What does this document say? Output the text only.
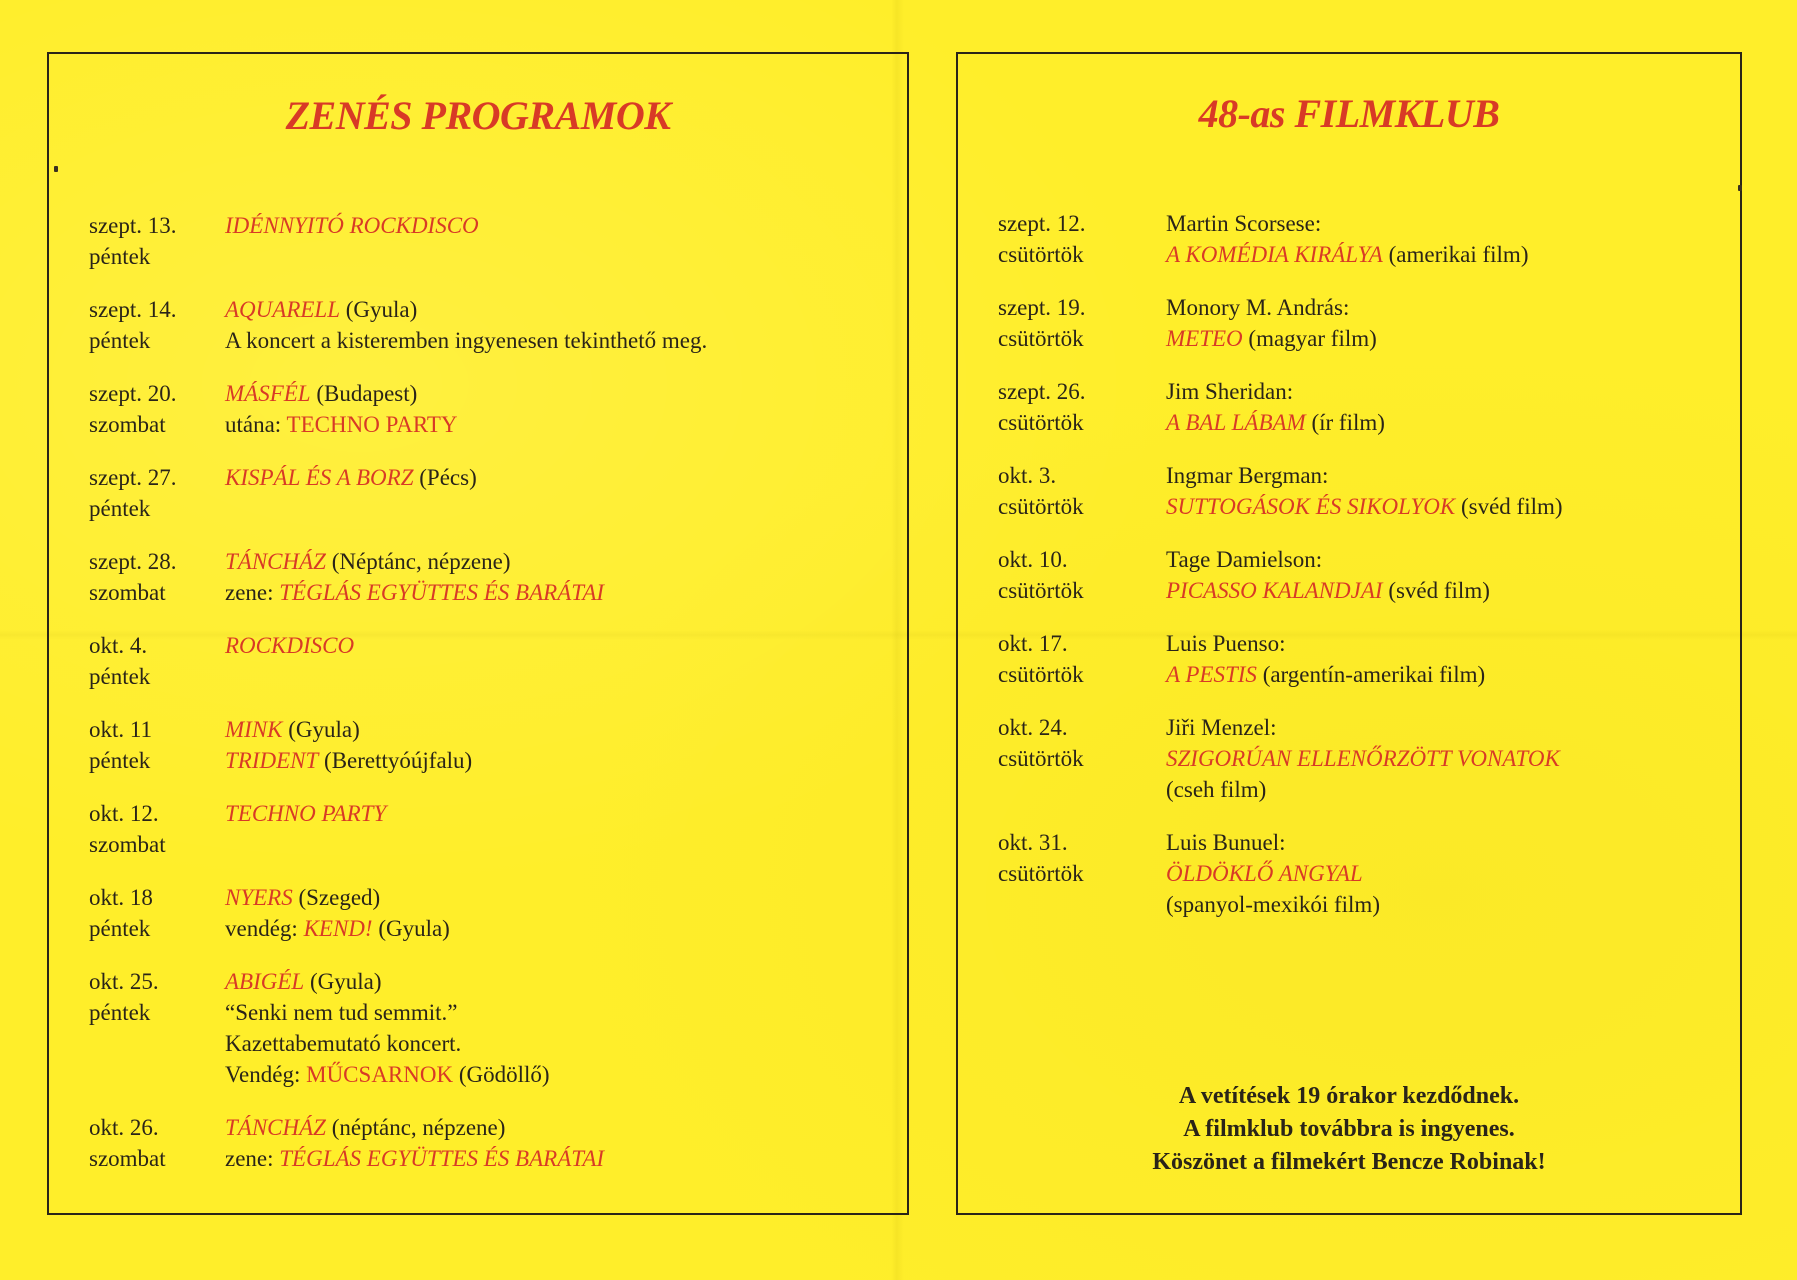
ZENÉS PROGRAMOK
szept. 13.
péntek
IDÉNNYITÓ ROCKDISCO
szept. 14.
péntek
AQUARELL (Gyula)
A koncert a kisteremben ingyenesen tekinthető meg.
szept. 20.
szombat
MÁSFÉL (Budapest)
utána: TECHNO PARTY
szept. 27.
péntek
KISPÁL ÉS A BORZ (Pécs)
szept. 28.
szombat
TÁNCHÁZ (Néptánc, népzene)
zene: TÉGLÁS EGYÜTTES ÉS BARÁTAI
okt. 4.
péntek
ROCKDISCO
okt. 11
péntek
MINK (Gyula)
TRIDENT (Berettyóújfalu)
okt. 12.
szombat
TECHNO PARTY
okt. 18
péntek
NYERS (Szeged)
vendég: KEND! (Gyula)
okt. 25.
péntek
ABIGÉL (Gyula)
“Senki nem tud semmit.”
Kazettabemutató koncert.
Vendég: MŰCSARNOK (Gödöllő)
okt. 26.
szombat
TÁNCHÁZ (néptánc, népzene)
zene: TÉGLÁS EGYÜTTES ÉS BARÁTAI
48-as FILMKLUB
szept. 12.
csütörtök
Martin Scorsese:
A KOMÉDIA KIRÁLYA (amerikai film)
szept. 19.
csütörtök
Monory M. András:
METEO (magyar film)
szept. 26.
csütörtök
Jim Sheridan:
A BAL LÁBAM (ír film)
okt. 3.
csütörtök
Ingmar Bergman:
SUTTOGÁSOK ÉS SIKOLYOK (svéd film)
okt. 10.
csütörtök
Tage Damielson:
PICASSO KALANDJAI (svéd film)
okt. 17.
csütörtök
Luis Puenso:
A PESTIS (argentín-amerikai film)
okt. 24.
csütörtök
Jiři Menzel:
SZIGORÚAN ELLENŐRZÖTT VONATOK
(cseh film)
okt. 31.
csütörtök
Luis Bunuel:
ÖLDÖKLŐ ANGYAL
(spanyol-mexikói film)
A vetítések 19 órakor kezdődnek.
A filmklub továbbra is ingyenes.
Köszönet a filmekért Bencze Robinak!
